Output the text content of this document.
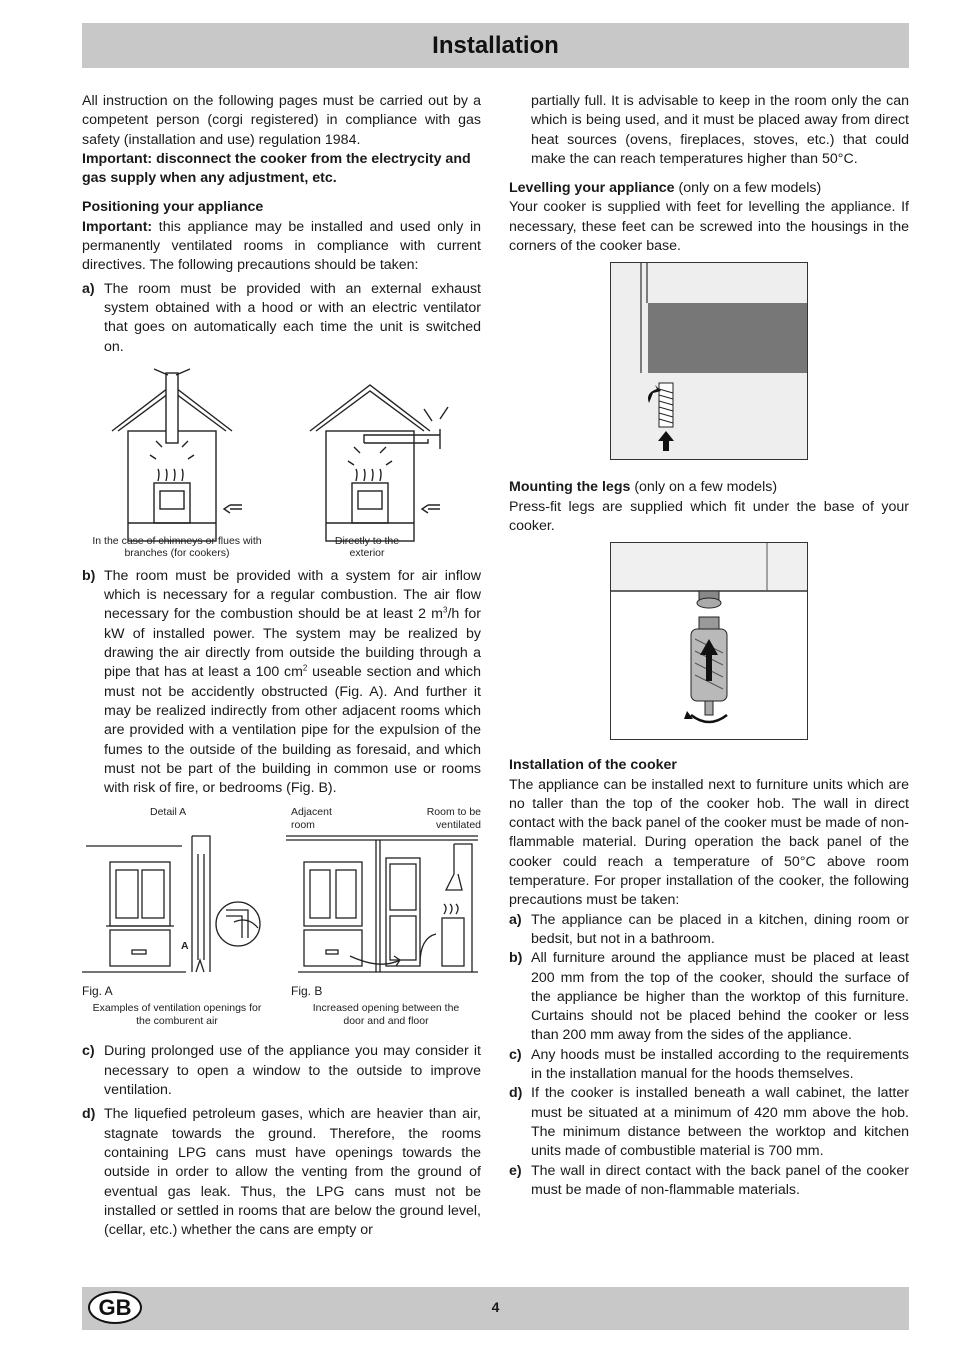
Installation

All instruction on the following pages must be carried out by a competent person (corgi registered) in compliance with gas safety (installation and use) regulation 1984.

Important: disconnect the cooker from the electrycity and gas supply when any adjustment, etc.

Positioning your appliance

Important: this appliance may be installed and used only in permanently ventilated rooms in compliance with current directives. The following precautions should be taken:

a) The room must be provided with an external exhaust system obtained with a hood or with an electric ventilator that goes on automatically each time the unit is switched on.
In the case of chimneys or flues with branches (for cookers)
Directly to the exterior
b) The room must be provided with a system for air inflow which is necessary for a regular combustion. The air flow necessary for the combustion should be at least 2 $m^3/h$ for kW of installed power. The system may be realized by drawing the air directly from outside the building through a pipe that has at least a 100 $cm^2$ useable section and which must not be accidently obstructed (Fig. A). And further it may be realized indirectly from other adjacent rooms which are provided with a ventilation pipe for the expulsion of the fumes to the outside of the building as foresaid, and which must not be part of the building in common use or rooms with risk of fire, or bedrooms (Fig. B).
Detail A	Adjacent room
Room to be ventilated
A
Fig. A	Fig. B
Examples of ventilation openings for the comburent air
Increased opening between the door and and floor
c) During prolonged use of the appliance you may consider it necessary to open a window to the outside to improve ventilation.
d) The liquefied petroleum gases, which are heavier than air, stagnate towards the ground. Therefore, the rooms containing LPG cans must have openings towards the outside in order to allow the venting from the ground of eventual gas leak. Thus, the LPG cans must not be installed or settled in rooms that are below the ground level, (cellar, etc.) whether the cans are empty or

partially full. It is advisable to keep in the room only the can which is being used, and it must be placed away from direct heat sources (ovens, fireplaces, stoves, etc.) that could make the can reach temperatures higher than 50°C.

Levelling your appliance (only on a few models)

Your cooker is supplied with feet for levelling the appliance. If necessary, these feet can be screwed into the housings in the corners of the cooker base.

Mounting the legs (only on a few models)

Press-fit legs are supplied which fit under the base of your cooker.

Installation of the cooker

The appliance can be installed next to furniture units which are no taller than the top of the cooker hob. The wall in direct contact with the back panel of the cooker must be made of non-flammable material. During operation the back panel of the cooker could reach a temperature of 50°C above room temperature. For proper installation of the cooker, the following precautions must be taken:

a) The appliance can be placed in a kitchen, dining room or bedsit, but not in a bathroom.
b) All furniture around the appliance must be placed at least 200 mm from the top of the cooker, should the surface of the appliance be higher than the worktop of this furniture. Curtains should not be placed behind the cooker or less than 200 mm away from the sides of the appliance.
c) Any hoods must be installed according to the requirements in the installation manual for the hoods themselves.
d) If the cooker is installed beneath a wall cabinet, the latter must be situated at a minimum of 420 mm above the hob. The minimum distance between the worktop and kitchen units made of combustible material is 700 mm.
e) The wall in direct contact with the back panel of the cooker must be made of non-flammable materials.
GB	4
